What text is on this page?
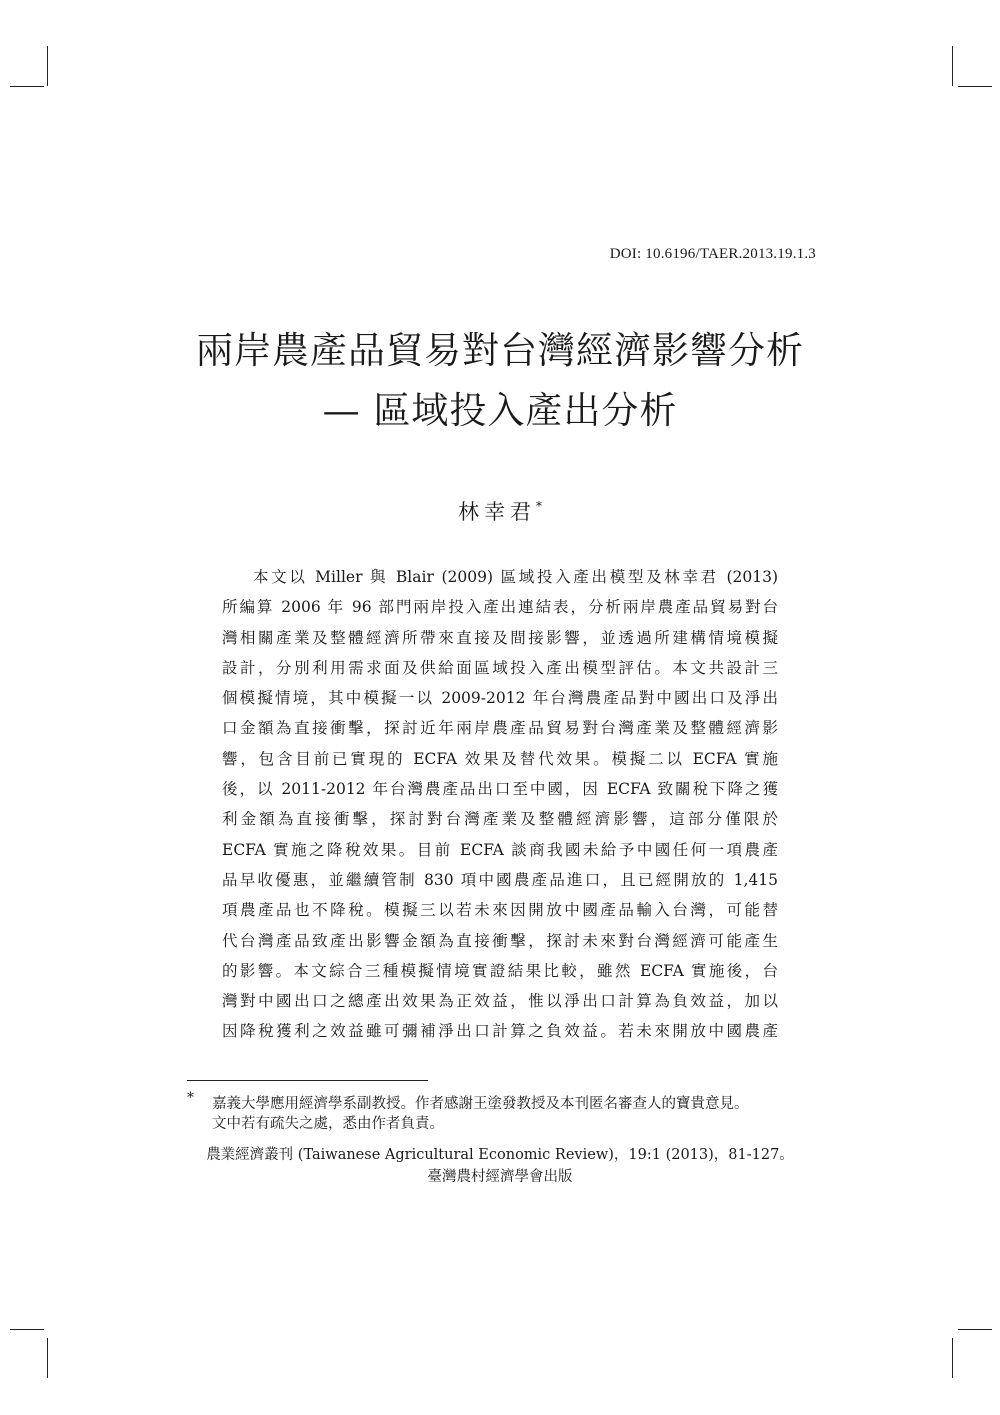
DOI: 10.6196/TAER.2013.19.1.3
兩岸農產品貿易對台灣經濟影響分析
— 區域投入產出分析
林幸君*
本文以 Miller 與 Blair (2009) 區域投入產出模型及林幸君 (2013)
所編算 2006 年 96 部門兩岸投入產出連結表，分析兩岸農產品貿易對台
灣相關產業及整體經濟所帶來直接及間接影響，並透過所建構情境模擬
設計，分別利用需求面及供給面區域投入產出模型評估。本文共設計三
個模擬情境，其中模擬一以 2009-2012 年台灣農產品對中國出口及淨出
口金額為直接衝擊，探討近年兩岸農產品貿易對台灣產業及整體經濟影
響，包含目前已實現的 ECFA 效果及替代效果。模擬二以 ECFA 實施
後，以 2011-2012 年台灣農產品出口至中國，因 ECFA 致關稅下降之獲
利金額為直接衝擊，探討對台灣產業及整體經濟影響，這部分僅限於
ECFA 實施之降稅效果。目前 ECFA 談商我國未給予中國任何一項農產
品早收優惠，並繼續管制 830 項中國農產品進口，且已經開放的 1,415
項農產品也不降稅。模擬三以若未來因開放中國產品輸入台灣，可能替
代台灣產品致產出影響金額為直接衝擊，探討未來對台灣經濟可能產生
的影響。本文綜合三種模擬情境實證結果比較，雖然 ECFA 實施後，台
灣對中國出口之總產出效果為正效益，惟以淨出口計算為負效益，加以
因降稅獲利之效益雖可彌補淨出口計算之負效益。若未來開放中國農產
* 嘉義大學應用經濟學系副教授。作者感謝王塗發教授及本刊匿名審查人的寶貴意見。
文中若有疏失之處，悉由作者負責。
農業經濟叢刊 (Taiwanese Agricultural Economic Review)，19:1 (2013)，81-127。
臺灣農村經濟學會出版
